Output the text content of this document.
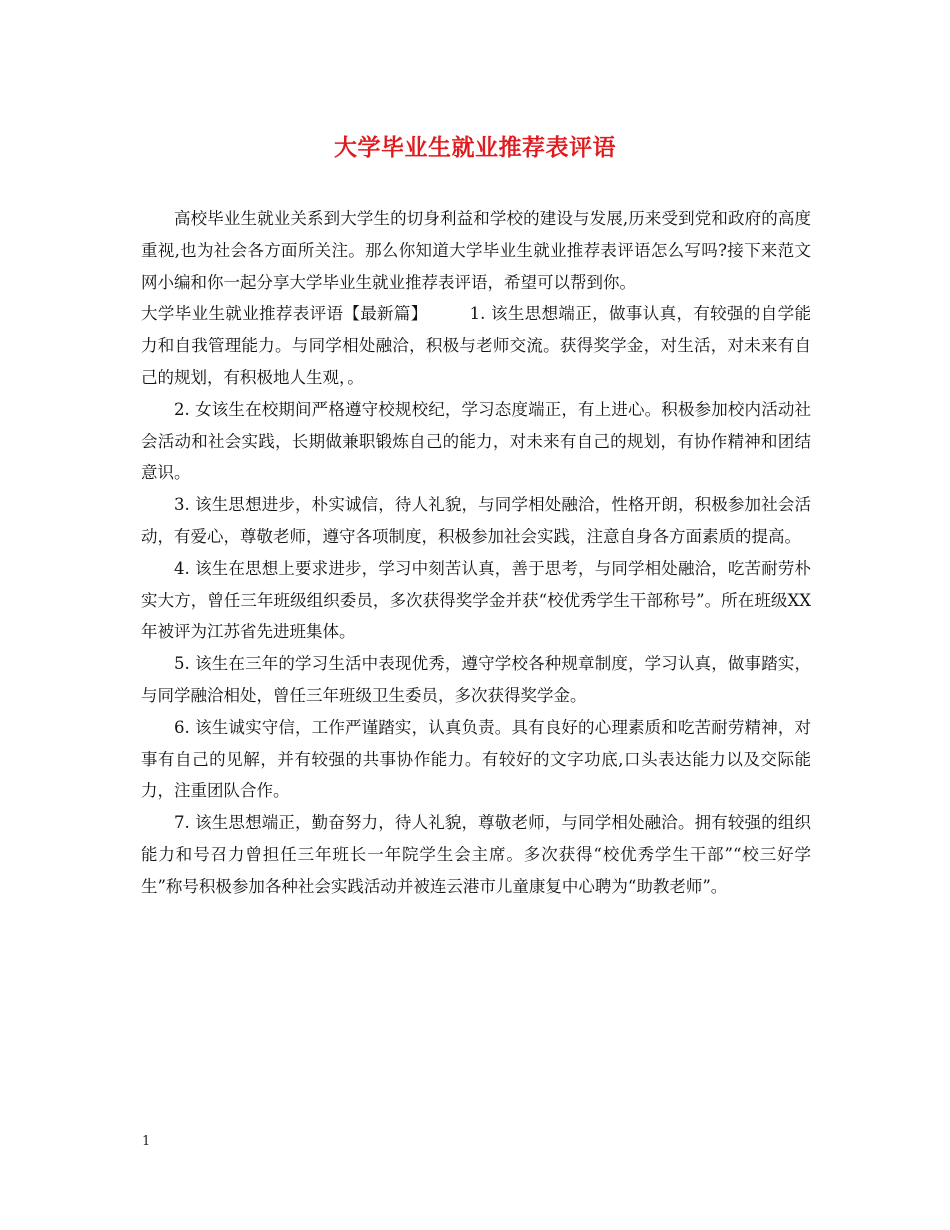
大学毕业生就业推荐表评语

高校毕业生就业关系到大学生的切身利益和学校的建设与发展,历来受到党和政府的高度重视,也为社会各方面所关注。那么你知道大学毕业生就业推荐表评语怎么写吗?接下来范文网小编和你一起分享大学毕业生就业推荐表评语，希望可以帮到你。

大学毕业生就业推荐表评语【最新篇】	1. 该生思想端正，做事认真，有较强的自学能力和自我管理能力。与同学相处融洽，积极与老师交流。获得奖学金，对生活，对未来有自己的规划，有积极地人生观，。

2. 女该生在校期间严格遵守校规校纪，学习态度端正，有上进心。积极参加校内活动社会活动和社会实践，长期做兼职锻炼自己的能力，对未来有自己的规划，有协作精神和团结意识。

3. 该生思想进步，朴实诚信，待人礼貌，与同学相处融洽，性格开朗，积极参加社会活动，有爱心，尊敬老师，遵守各项制度，积极参加社会实践，注意自身各方面素质的提高。

4. 该生在思想上要求进步，学习中刻苦认真，善于思考，与同学相处融洽，吃苦耐劳朴实大方，曾任三年班级组织委员，多次获得奖学金并获“校优秀学生干部称号”。所在班级XX年被评为江苏省先进班集体。

5. 该生在三年的学习生活中表现优秀，遵守学校各种规章制度，学习认真，做事踏实，与同学融洽相处，曾任三年班级卫生委员，多次获得奖学金。

6. 该生诚实守信，工作严谨踏实，认真负责。具有良好的心理素质和吃苦耐劳精神，对事有自己的见解，并有较强的共事协作能力。有较好的文字功底,口头表达能力以及交际能力，注重团队合作。

7. 该生思想端正，勤奋努力，待人礼貌，尊敬老师，与同学相处融洽。拥有较强的组织能力和号召力曾担任三年班长一年院学生会主席。多次获得“校优秀学生干部”“校三好学生”称号积极参加各种社会实践活动并被连云港市儿童康复中心聘为“助教老师”。

1
